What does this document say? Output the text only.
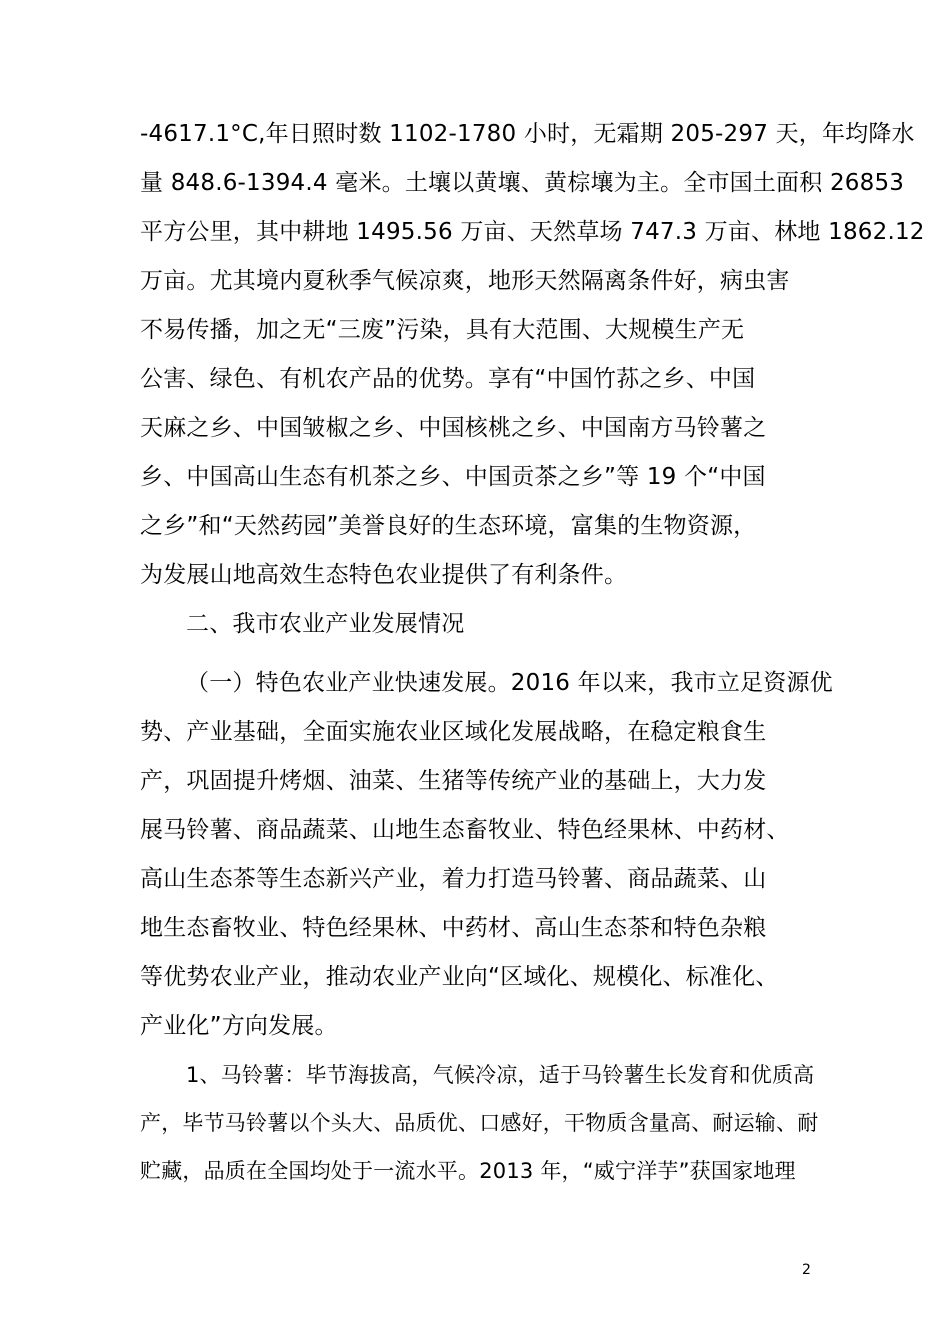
-4617.1°C,年日照时数 1102-1780 小时，无霜期 205-297 天，年均降水
量 848.6-1394.4 毫米。土壤以黄壤、黄棕壤为主。全市国土面积 26853
平方公里，其中耕地 1495.56 万亩、天然草场 747.3 万亩、林地 1862.12
万亩。尤其境内夏秋季气候凉爽，地形天然隔离条件好，病虫害
不易传播，加之无“三废”污染，具有大范围、大规模生产无
公害、绿色、有机农产品的优势。享有“中国竹荪之乡、中国
天麻之乡、中国皱椒之乡、中国核桃之乡、中国南方马铃薯之
乡、中国高山生态有机茶之乡、中国贡茶之乡”等 19 个“中国
之乡”和“天然药园”美誉良好的生态环境，富集的生物资源，
为发展山地高效生态特色农业提供了有利条件。
二、我市农业产业发展情况
（一）特色农业产业快速发展。2016 年以来，我市立足资源优
势、产业基础，全面实施农业区域化发展战略，在稳定粮食生
产，巩固提升烤烟、油菜、生猪等传统产业的基础上，大力发
展马铃薯、商品蔬菜、山地生态畜牧业、特色经果林、中药材、
高山生态茶等生态新兴产业，着力打造马铃薯、商品蔬菜、山
地生态畜牧业、特色经果林、中药材、高山生态茶和特色杂粮
等优势农业产业，推动农业产业向“区域化、规模化、标准化、
产业化”方向发展。
1、马铃薯：毕节海拔高，气候冷凉，适于马铃薯生长发育和优质高
产，毕节马铃薯以个头大、品质优、口感好，干物质含量高、耐运输、耐
贮藏，品质在全国均处于一流水平。2013 年，“威宁洋芋”获国家地理
2
